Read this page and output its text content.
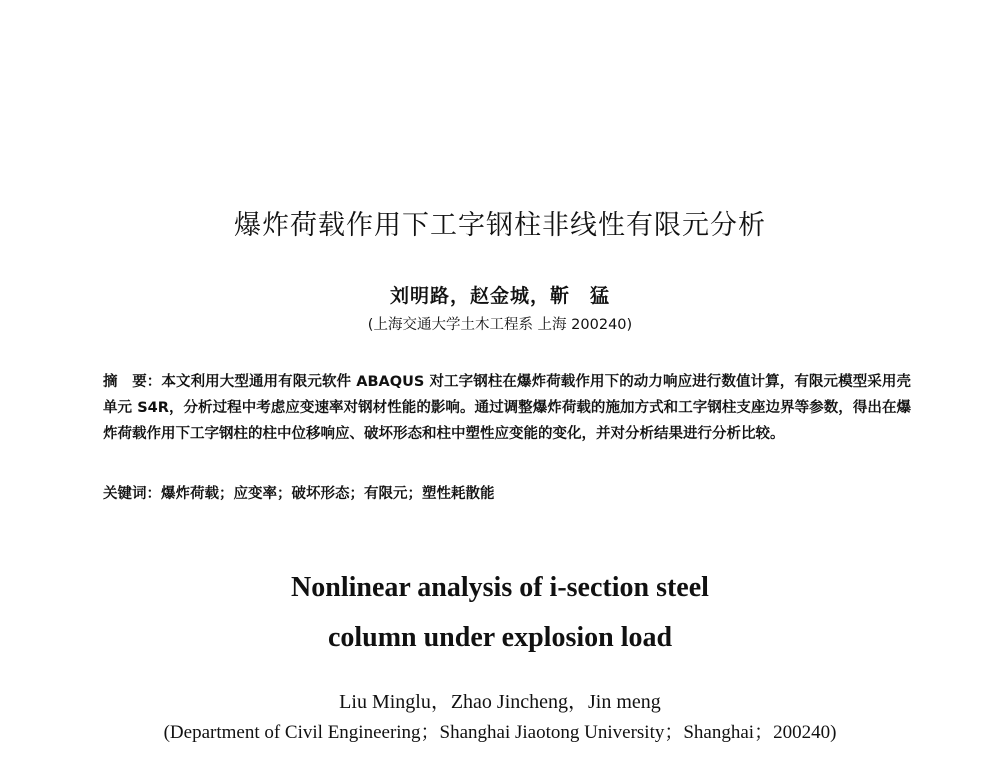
爆炸荷载作用下工字钢柱非线性有限元分析
刘明路，赵金城，靳　猛
(上海交通大学土木工程系 上海 200240)
摘　要：本文利用大型通用有限元软件 ABAQUS 对工字钢柱在爆炸荷载作用下的动力响应进行数值计算，有限元模型采用壳单元 S4R，分析过程中考虑应变速率对钢材性能的影响。通过调整爆炸荷载的施加方式和工字钢柱支座边界等参数，得出在爆炸荷载作用下工字钢柱的柱中位移响应、破坏形态和柱中塑性应变能的变化，并对分析结果进行分析比较。
关键词：爆炸荷载；应变率；破坏形态；有限元；塑性耗散能
Nonlinear analysis of i-section steel
column under explosion load
Liu Minglu，Zhao Jincheng，Jin meng
(Department of Civil Engineering；Shanghai Jiaotong University；Shanghai；200240)
